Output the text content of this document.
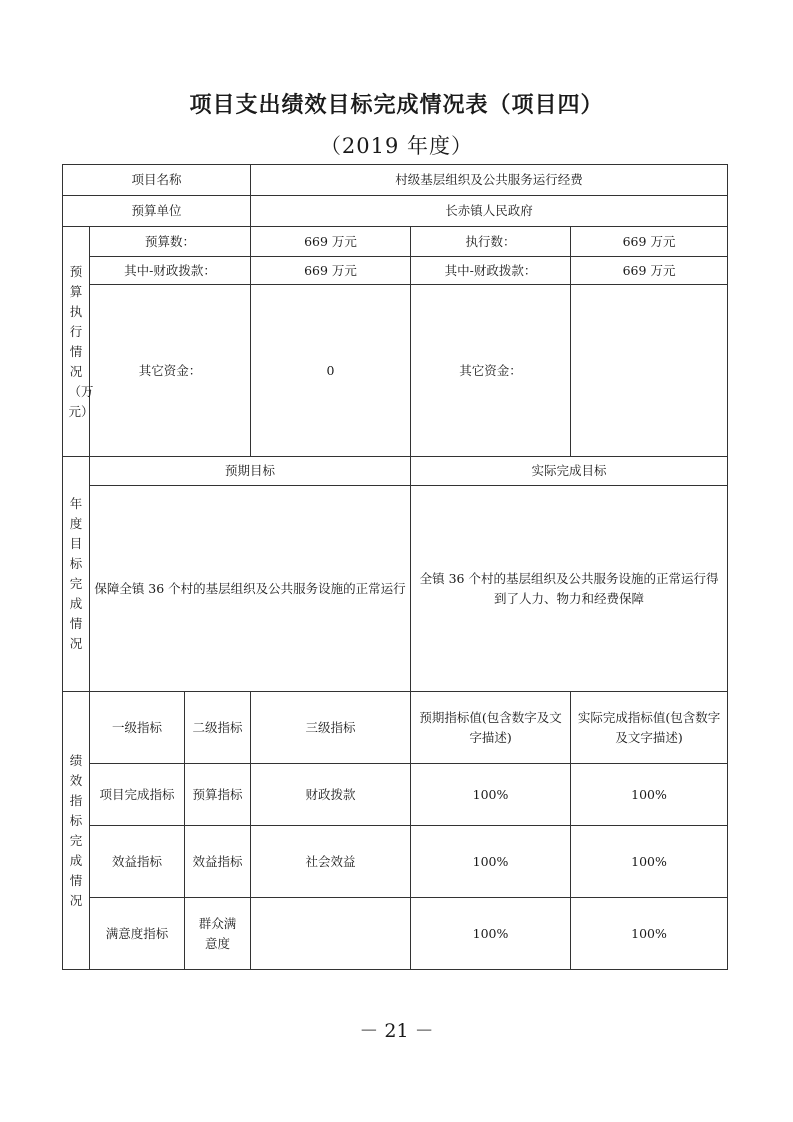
项目支出绩效目标完成情况表（项目四）
（2019 年度）
项目名称			村级基层组织及公共服务运行经费		
预算单位			长赤镇人民政府		
预算执行情况（万元）	预算数：		669 万元	执行数：	669 万元
	其中-财政拨款：		669 万元	其中-财政拨款：	669 万元
	其它资金：		0	其它资金：	
年度目标完成情况	预期目标			实际完成目标	
	保障全镇 36 个村的基层组织及公共服务设施的正常运行			全镇 36 个村的基层组织及公共服务设施的正常运行得到了人力、物力和经费保障	
绩效指标完成情况	一级指标	二级指标	三级指标	预期指标值(包含数字及文字描述)	实际完成指标值(包含数字及文字描述)
	项目完成指标	预算指标	财政拨款	100%	100%
	效益指标	效益指标	社会效益	100%	100%
	满意度指标	群众满意度		100%	100%
－ 21 －
